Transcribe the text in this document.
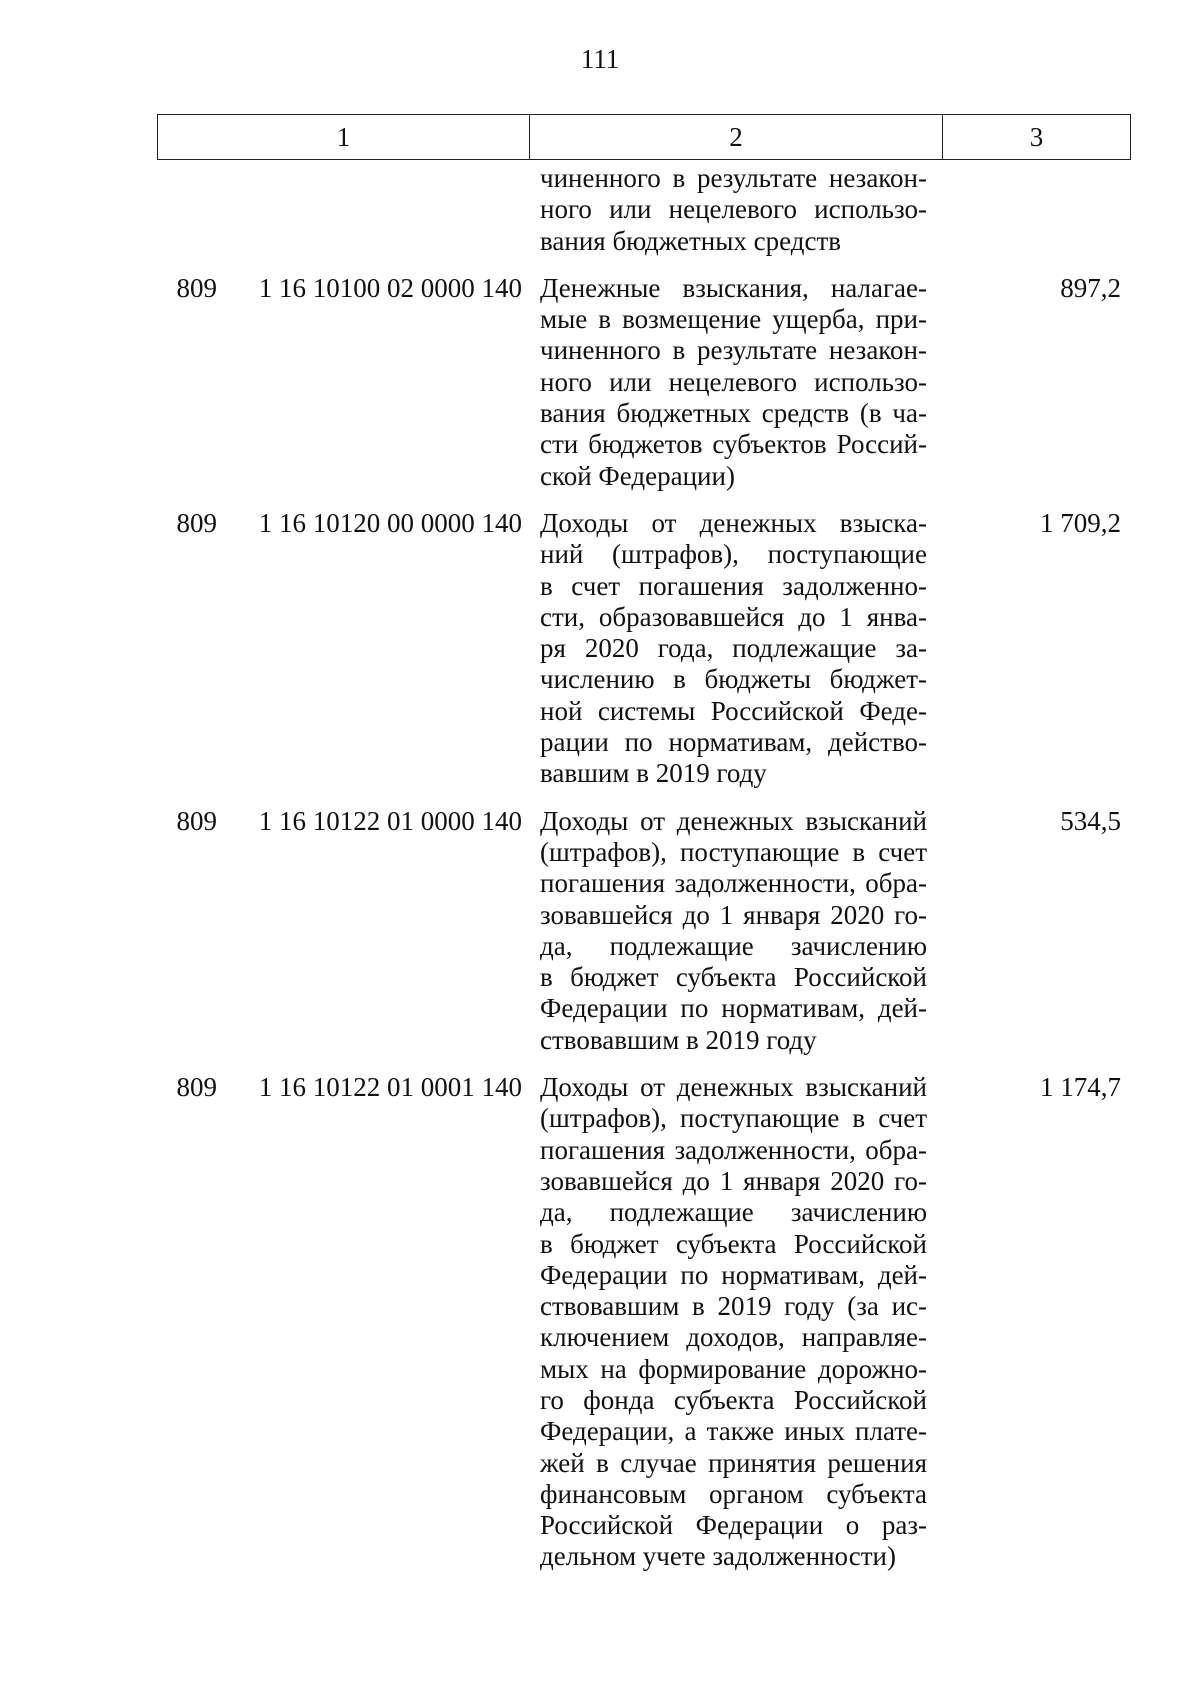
111
1	2	3
чиненного в результате незакон-
ного или нецелевого использо-
вания бюджетных средств
809	1 16 10100 02 0000 140 Денежные взыскания, налагае-
мые в возмещение ущерба, при-
чиненного в результате незакон-
ного или нецелевого использо-
вания бюджетных средств (в ча-
сти бюджетов субъектов Россий-
ской Федерации)
897,2
809	1 16 10120 00 0000 140 Доходы от денежных взыска-
ний (штрафов), поступающие
в счет погашения задолженно-
сти, образовавшейся до 1 янва-
ря 2020 года, подлежащие за-
числению в бюджеты бюджет-
ной системы Российской Феде-
рации по нормативам, действо-
вавшим в 2019 году
1 709,2
809	1 16 10122 01 0000 140 Доходы от денежных взысканий
(штрафов), поступающие в счет
погашения задолженности, обра-
зовавшейся до 1 января 2020 го-
да, подлежащие зачислению
в бюджет субъекта Российской
Федерации по нормативам, дей-
ствовавшим в 2019 году
534,5
809	1 16 10122 01 0001 140 Доходы от денежных взысканий
(штрафов), поступающие в счет
погашения задолженности, обра-
зовавшейся до 1 января 2020 го-
да, подлежащие зачислению
в бюджет субъекта Российской
Федерации по нормативам, дей-
ствовавшим в 2019 году (за ис-
ключением доходов, направляе-
мых на формирование дорожно-
го фонда субъекта Российской
Федерации, а также иных плате-
жей в случае принятия решения
финансовым органом субъекта
Российской Федерации о раз-
дельном учете задолженности)
1 174,7
